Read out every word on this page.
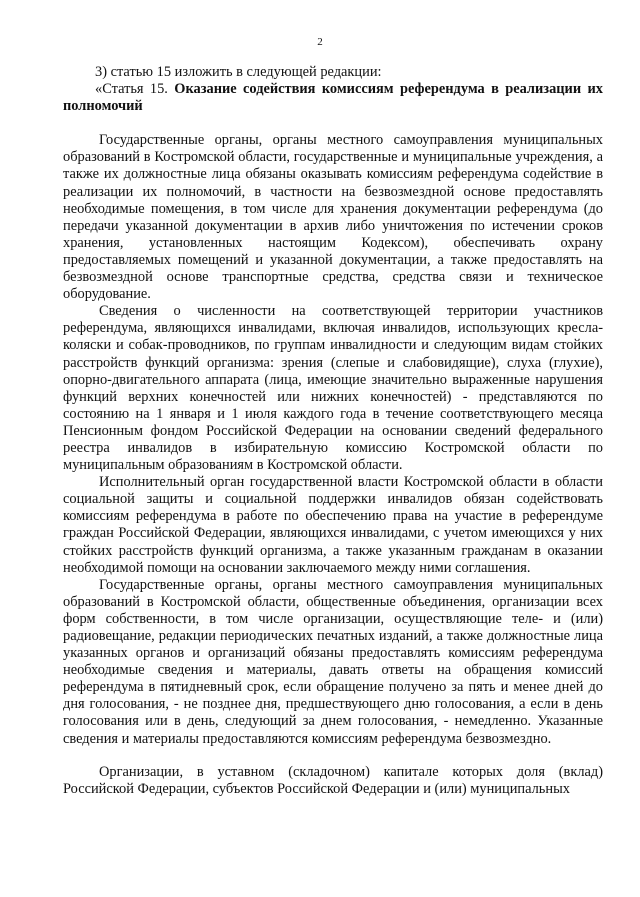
2

3) статью 15 изложить в следующей редакции:

«Статья 15. Оказание содействия комиссиям референдума в реализации их полномочий

Государственные органы, органы местного самоуправления муниципальных образований в Костромской области, государственные и муниципальные учреждения, а также их должностные лица обязаны оказывать комиссиям референдума содействие в реализации их полномочий, в частности на безвозмездной основе предоставлять необходимые помещения, в том числе для хранения документации референдума (до передачи указанной документации в архив либо уничтожения по истечении сроков хранения, установленных настоящим Кодексом), обеспечивать охрану предоставляемых помещений и указанной документации, а также предоставлять на безвозмездной основе транспортные средства, средства связи и техническое оборудование.

Сведения о численности на соответствующей территории участников референдума, являющихся инвалидами, включая инвалидов, использующих кресла-коляски и собак-проводников, по группам инвалидности и следующим видам стойких расстройств функций организма: зрения (слепые и слабовидящие), слуха (глухие), опорно-двигательного аппарата (лица, имеющие значительно выраженные нарушения функций верхних конечностей или нижних конечностей) - представляются по состоянию на 1 января и 1 июля каждого года в течение соответствующего месяца Пенсионным фондом Российской Федерации на основании сведений федерального реестра инвалидов в избирательную комиссию Костромской области по муниципальным образованиям в Костромской области.

Исполнительный орган государственной власти Костромской области в области социальной защиты и социальной поддержки инвалидов обязан содействовать комиссиям референдума в работе по обеспечению права на участие в референдуме граждан Российской Федерации, являющихся инвалидами, с учетом имеющихся у них стойких расстройств функций организма, а также указанным гражданам в оказании необходимой помощи на основании заключаемого между ними соглашения.

Государственные органы, органы местного самоуправления муниципальных образований в Костромской области, общественные объединения, организации всех форм собственности, в том числе организации, осуществляющие теле- и (или) радиовещание, редакции периодических печатных изданий, а также должностные лица указанных органов и организаций обязаны предоставлять комиссиям референдума необходимые сведения и материалы, давать ответы на обращения комиссий референдума в пятидневный срок, если обращение получено за пять и менее дней до дня голосования, - не позднее дня, предшествующего дню голосования, а если в день голосования или в день, следующий за днем голосования, - немедленно. Указанные сведения и материалы предоставляются комиссиям референдума безвозмездно.

Организации, в уставном (складочном) капитале которых доля (вклад) Российской Федерации, субъектов Российской Федерации и (или) муниципальных
